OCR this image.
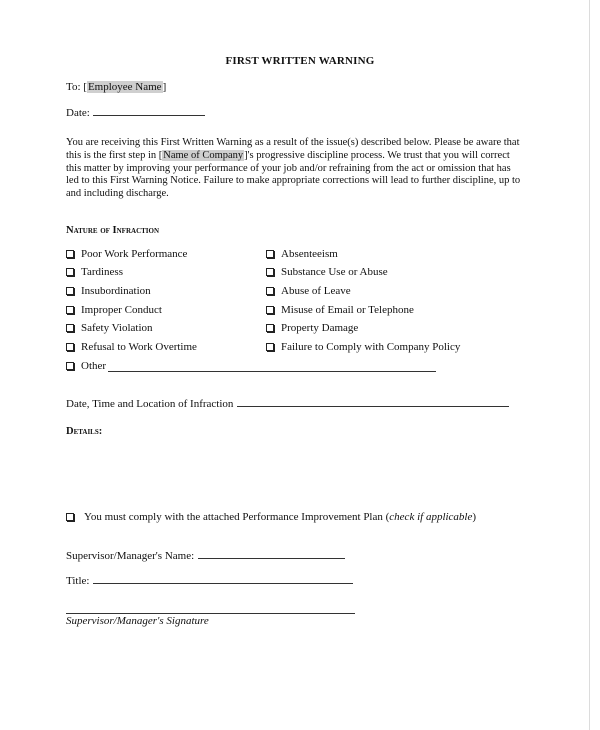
FIRST WRITTEN WARNING
To: [Employee Name]
Date:
You are receiving this First Written Warning as a result of the issue(s) described below. Please be aware that this is the first step in [Name of Company]'s progressive discipline process. We trust that you will correct this matter by improving your performance of your job and/or refraining from the act or omission that has led to this First Warning Notice. Failure to make appropriate corrections will lead to further discipline, up to and including discharge.
Nature of Infraction
Poor Work Performance
Tardiness
Insubordination
Improper Conduct
Safety Violation
Refusal to Work Overtime
Other
Absenteeism
Substance Use or Abuse
Abuse of Leave
Misuse of Email or Telephone
Property Damage
Failure to Comply with Company Policy
Date, Time and Location of Infraction
Details:
You must comply with the attached Performance Improvement Plan ( check if applicable )
Supervisor/Manager's Name:
Title:
Supervisor/Manager's Signature
